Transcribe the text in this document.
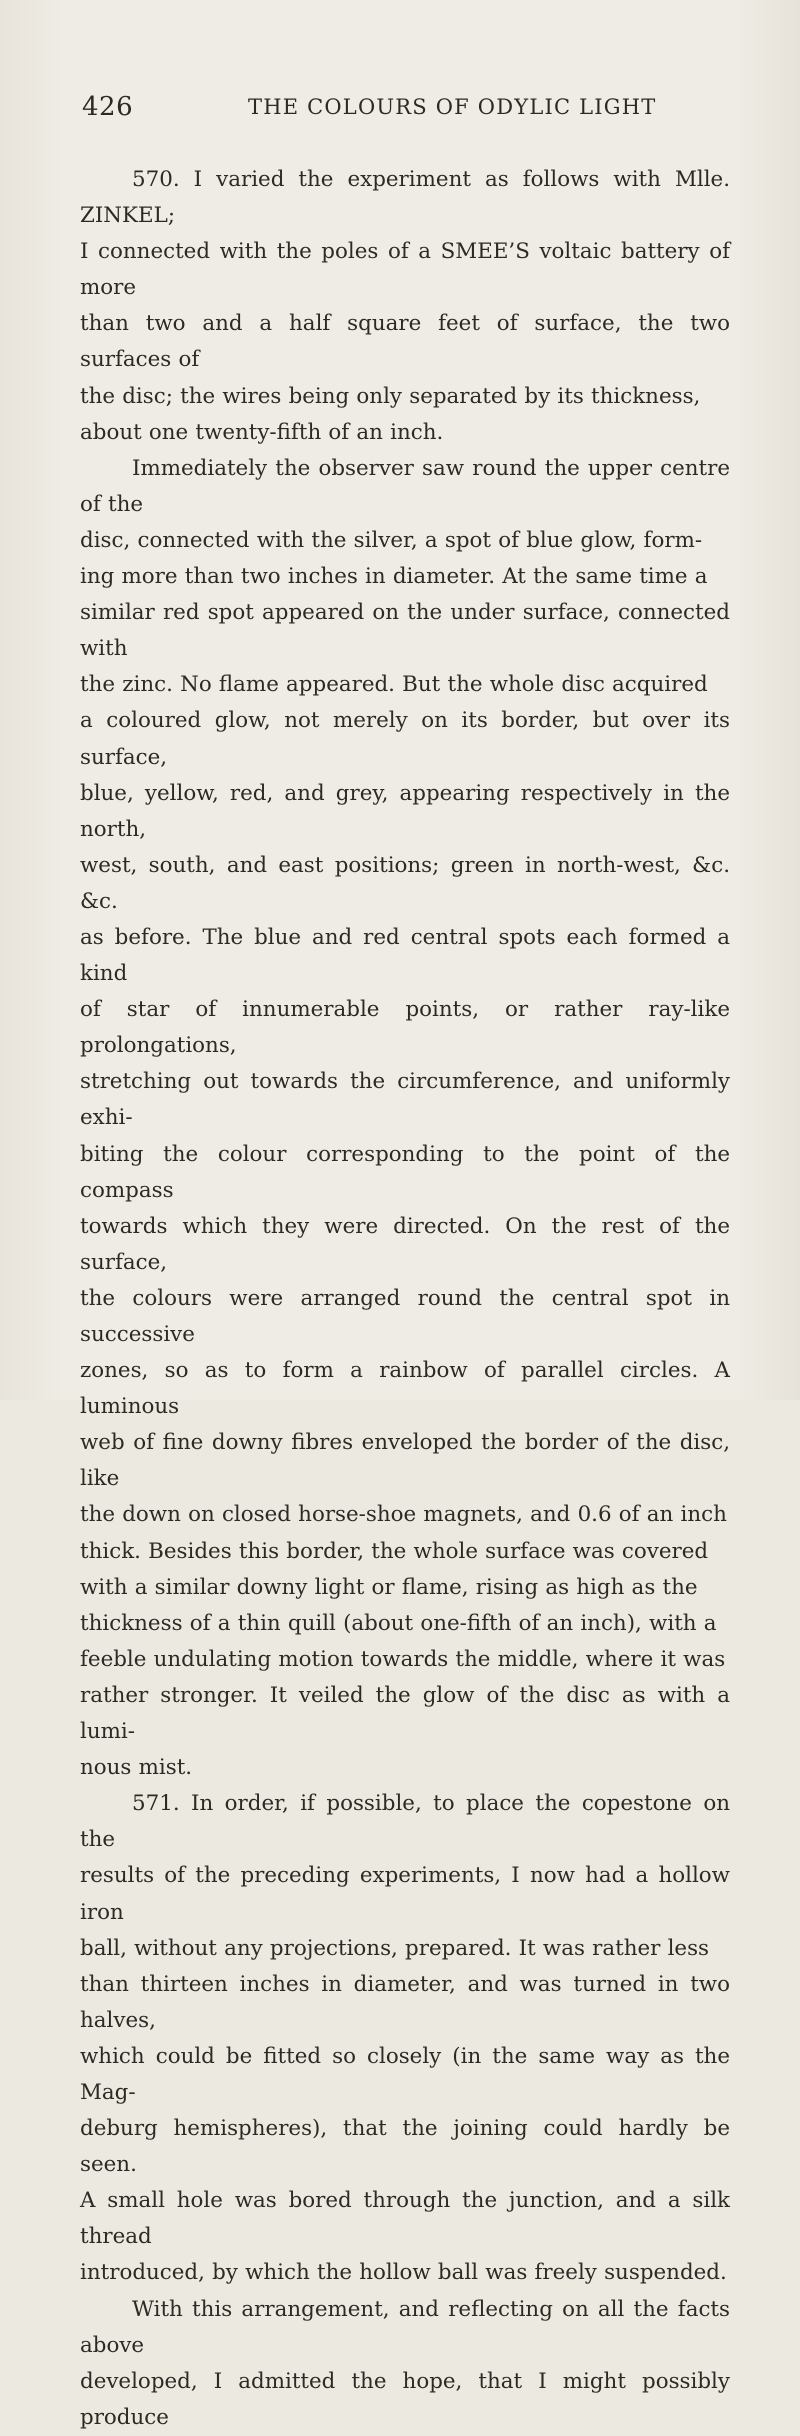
426	THE COLOURS OF ODYLIC LIGHT

570. I varied the experiment as follows with Mlle. ZINKEL;
I connected with the poles of a SMEE’S voltaic battery of more
than two and a half square feet of surface, the two surfaces of
the disc; the wires being only separated by its thickness,
about one twenty-fifth of an inch.

Immediately the observer saw round the upper centre of the
disc, connected with the silver, a spot of blue glow, form-
ing more than two inches in diameter. At the same time a
similar red spot appeared on the under surface, connected with
the zinc. No flame appeared. But the whole disc acquired
a coloured glow, not merely on its border, but over its surface,
blue, yellow, red, and grey, appearing respectively in the north,
west, south, and east positions; green in north-west, &c. &c.
as before. The blue and red central spots each formed a kind
of star of innumerable points, or rather ray-like prolongations,
stretching out towards the circumference, and uniformly exhi-
biting the colour corresponding to the point of the compass
towards which they were directed. On the rest of the surface,
the colours were arranged round the central spot in successive
zones, so as to form a rainbow of parallel circles. A luminous
web of fine downy fibres enveloped the border of the disc, like
the down on closed horse-shoe magnets, and 0.6 of an inch
thick. Besides this border, the whole surface was covered
with a similar downy light or flame, rising as high as the
thickness of a thin quill (about one-fifth of an inch), with a
feeble undulating motion towards the middle, where it was
rather stronger. It veiled the glow of the disc as with a lumi-
nous mist.

571. In order, if possible, to place the copestone on the
results of the preceding experiments, I now had a hollow iron
ball, without any projections, prepared. It was rather less
than thirteen inches in diameter, and was turned in two halves,
which could be fitted so closely (in the same way as the Mag-
deburg hemispheres), that the joining could hardly be seen.
A small hole was bored through the junction, and a silk thread
introduced, by which the hollow ball was freely suspended.

With this arrangement, and reflecting on all the facts above
developed, I admitted the hope, that I might possibly produce
